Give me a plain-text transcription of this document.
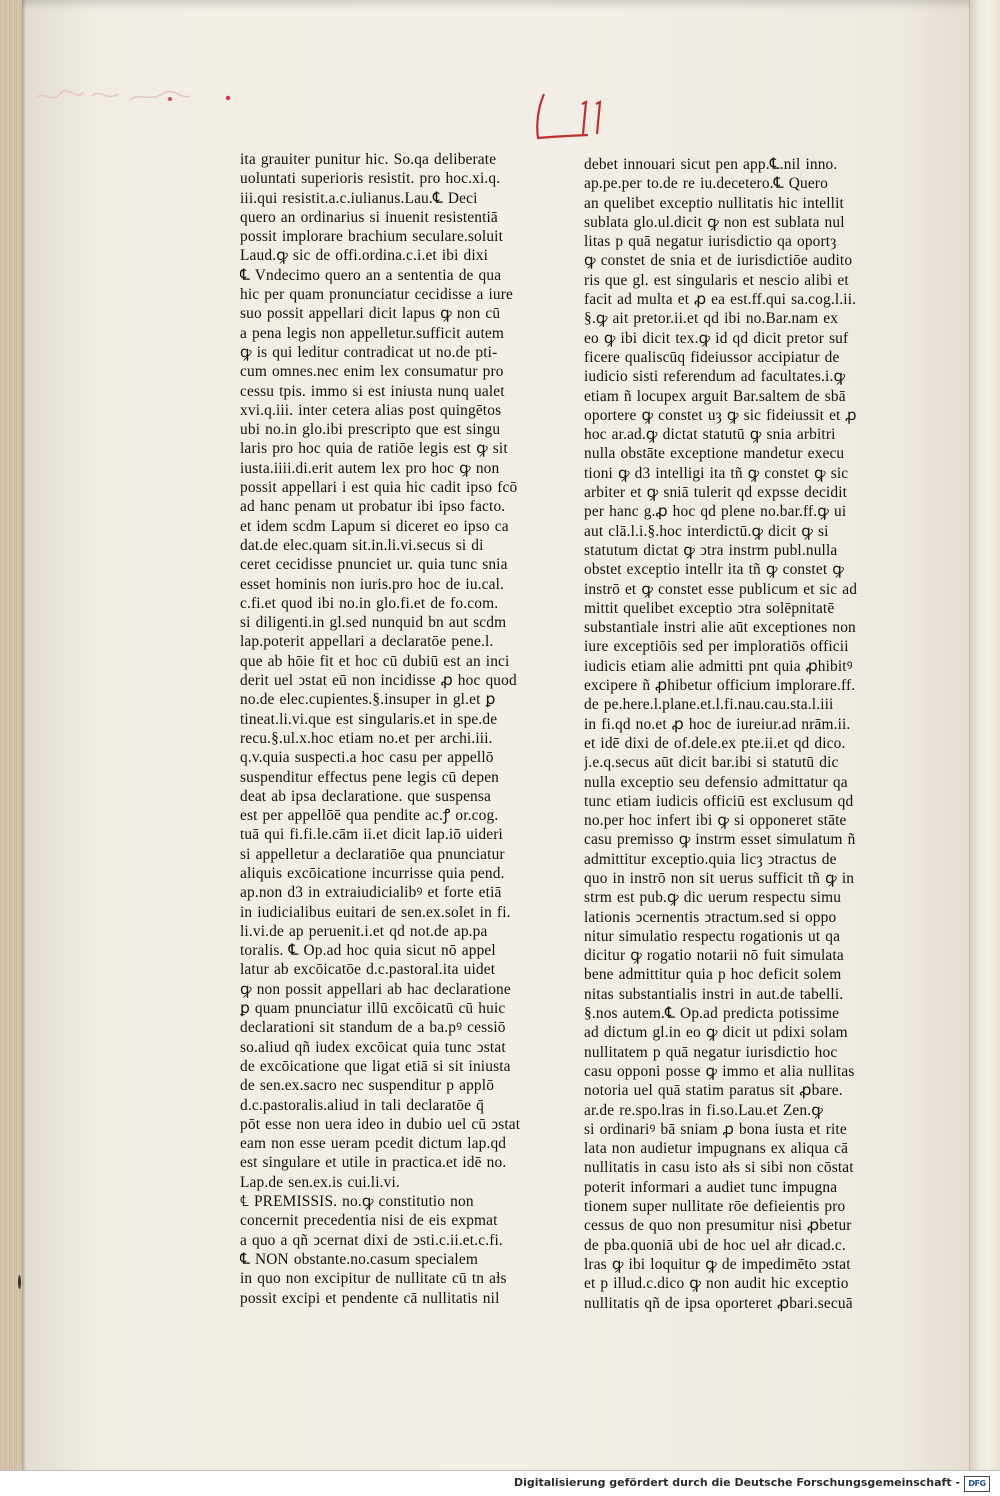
ita grauiter punitur hic. So.qa deliberate
uoluntati superioris resistit. pro hoc.xi.q.
iii.qui resistit.a.c.iulianus.Lau.℄ Deci
quero an ordinarius si inuenit resistentiā
possit implorare brachium seculare.soluit
Laud.ꝙ sic de offi.ordina.c.i.et ibi dixi
℄ Vndecimo quero an a sententia de qua
hic per quam pronunciatur cecidisse a iure
suo possit appellari dicit lapus ꝙ non cū
a pena legis non appelletur.sufficit autem
ꝙ is qui leditur contradicat ut no.de pti-
cum omnes.nec enim lex consumatur pro
cessu tpis. immo si est iniusta nunq ualet
xvi.q.iii. inter cetera alias post quingētos
ubi no.in glo.ibi prescripto que est singu
laris pro hoc quia de ratiōe legis est ꝙ sit
iusta.iiii.di.erit autem lex pro hoc ꝙ non
possit appellari i est quia hic cadit ipso fcō
ad hanc penam ut probatur ibi ipso facto.
et idem scdm Lapum si diceret eo ipso ca
dat.de elec.quam sit.in.li.vi.secus si di
ceret cecidisse pnunciet ur. quia tunc snia
esset hominis non iuris.pro hoc de iu.cal.
c.fi.et quod ibi no.in glo.fi.et de fo.com.
si diligenti.in gl.sed nunquid bn aut scdm
lap.poterit appellari a declaratōe pene.l.
que ab hōie fit et hoc cū dubiū est an inci
derit uel ↄstat eū non incidisse ꝓ hoc quod
no.de elec.cupientes.§.insuper in gl.et ꝑ
tineat.li.vi.que est singularis.et in spe.de
recu.§.ul.x.hoc etiam no.et per archi.iii.
q.v.quia suspecti.a hoc casu per appellō
suspenditur effectus pene legis cū depen
deat ab ipsa declaratione. que suspensa
est per appellōē qua pendite ac.ꝭ or.cog.
tuā qui fi.fi.le.cām ii.et dicit lap.iō uideri
si appelletur a declaratiōe qua pnunciatur
aliquis excōicatione incurrisse quia pend.
ap.non d3 in extraiudicialibꝰ et forte etiā
in iudicialibus euitari de sen.ex.solet in fi.
li.vi.de ap peruenit.i.et qd not.de ap.pa
toralis. ℄ Op.ad hoc quia sicut nō appel
latur ab excōicatōe d.c.pastoral.ita uidet
ꝙ non possit appellari ab hac declaratione
ꝑ quam pnunciatur illū excōicatū cū huic
declarationi sit standum de a ba.pꝰ cessiō
so.aliud qñ iudex excōicat quia tunc ↄstat
de excōicatione que ligat etiā si sit iniusta
de sen.ex.sacro nec suspenditur p applō
d.c.pastoralis.aliud in tali declaratōe q̄
pōt esse non uera ideo in dubio uel cū ↄstat
eam non esse ueram pcedit dictum lap.qd
est singulare et utile in practica.et idē no.
Lap.de sen.ex.is cui.li.vi.
℄ PREMISSIS. no.ꝙ constitutio non
concernit precedentia nisi de eis expmat
a quo a qñ ↄcernat dixi de ↄsti.c.ii.et.c.fi.
℄ NON obstante.no.casum specialem
in quo non excipitur de nullitate cū tn aƚs
possit excipi et pendente cā nullitatis nil
debet innouari sicut pen app.℄.nil inno.
ap.pe.per to.de re iu.decetero.℄ Quero
an quelibet exceptio nullitatis hic intellit
sublata glo.ul.dicit ꝙ non est sublata nul
litas p quā negatur iurisdictio qa oportȝ
ꝙ constet de snia et de iurisdictiōe audito
ris que gl. est singularis et nescio alibi et
facit ad multa et ꝓ ea est.ff.qui sa.cog.l.ii.
§.ꝙ ait pretor.ii.et qd ibi no.Bar.nam ex
eo ꝙ ibi dicit tex.ꝙ id qd dicit pretor suf
ficere qualiscūq fideiussor accipiatur de
iudicio sisti referendum ad facultates.i.ꝙ
etiam ñ locupex arguit Bar.saltem de sbā
oportere ꝙ constet uȝ ꝙ sic fideiussit et ꝓ
hoc ar.ad.ꝙ dictat statutū ꝙ snia arbitri
nulla obstāte exceptione mandetur execu
tioni ꝙ d3 intelligi ita tñ ꝙ constet ꝙ sic
arbiter et ꝙ sniā tulerit qd expsse decidit
per hanc g.ꝓ hoc qd plene no.bar.ff.ꝙ ui
aut clā.l.i.§.hoc interdictū.ꝙ dicit ꝙ si
statutum dictat ꝙ ↄtra instrm publ.nulla
obstet exceptio intellr ita tñ ꝙ constet ꝙ
instrō et ꝙ constet esse publicum et sic ad
mittit quelibet exceptio ↄtra solēpnitatē
substantiale instri alie aūt exceptiones non
iure exceptiōis sed per imploratiōs officii
iudicis etiam alie admitti pnt quia ꝓhibitꝰ
excipere ñ ꝓhibetur officium implorare.ff.
de pe.here.l.plane.et.l.fi.nau.cau.sta.l.iii
in fi.qd no.et ꝓ hoc de iureiur.ad nrām.ii.
et idē dixi de of.dele.ex pte.ii.et qd dico.
j.e.q.secus aūt dicit bar.ibi si statutū dic
nulla exceptio seu defensio admittatur qa
tunc etiam iudicis officiū est exclusum qd
no.per hoc infert ibi ꝙ si opponeret stāte
casu premisso ꝙ instrm esset simulatum ñ
admittitur exceptio.quia licȝ ↄtractus de
quo in instrō non sit uerus sufficit tñ ꝙ in
strm est pub.ꝙ dic uerum respectu simu
lationis ↄcernentis ↄtractum.sed si oppo
nitur simulatio respectu rogationis ut qa
dicitur ꝙ rogatio notarii nō fuit simulata
bene admittitur quia p hoc deficit solem
nitas substantialis instri in aut.de tabelli.
§.nos autem.℄ Op.ad predicta potissime
ad dictum gl.in eo ꝙ dicit ut pdixi solam
nullitatem p quā negatur iurisdictio hoc
casu opponi posse ꝙ immo et alia nullitas
notoria uel quā statim paratus sit ꝓbare.
ar.de re.spo.lras in fi.so.Lau.et Zen.ꝙ
si ordinariꝰ bā sniam ꝓ bona iusta et rite
lata non audietur impugnans ex aliqua cā
nullitatis in casu isto aƚs si sibi non cōstat
poterit informari a audiet tunc impugna
tionem super nullitate rōe defieientis pro
cessus de quo non presumitur nisi ꝓbetur
de pba.quoniā ubi de hoc uel aƚr dicad.c.
lras ꝙ ibi loquitur ꝙ de impedimēto ↄstat
et p illud.c.dico ꝙ non audit hic exceptio
nullitatis qñ de ipsa oporteret ꝓbari.secuā
Digitalisierung gefördert durch die Deutsche Forschungsgemeinschaft -	DFG
